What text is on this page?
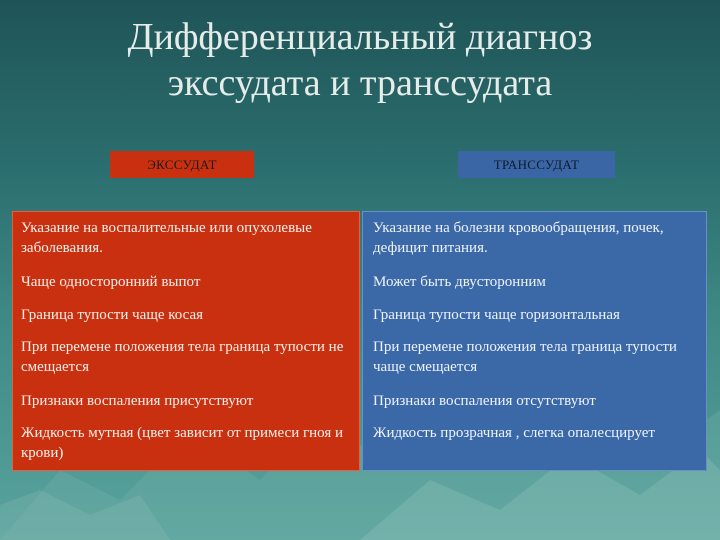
Дифференциальный диагноз
экссудата и транссудата
ЭКССУДАТ	ТРАНССУДАТ
Указание на воспалительные или опухолевые заболевания.
Чаще односторонний выпот
Граница тупости чаще косая
При перемене положения тела граница тупости не смещается
Признаки воспаления присутствуют
Жидкость мутная (цвет зависит от примеси гноя и крови)
Указание на болезни кровообращения, почек, дефицит питания.
Может быть двусторонним
Граница тупости чаще горизонтальная
При перемене положения тела граница тупости чаще смещается
Признаки воспаления отсутствуют
Жидкость прозрачная , слегка опалесцирует
